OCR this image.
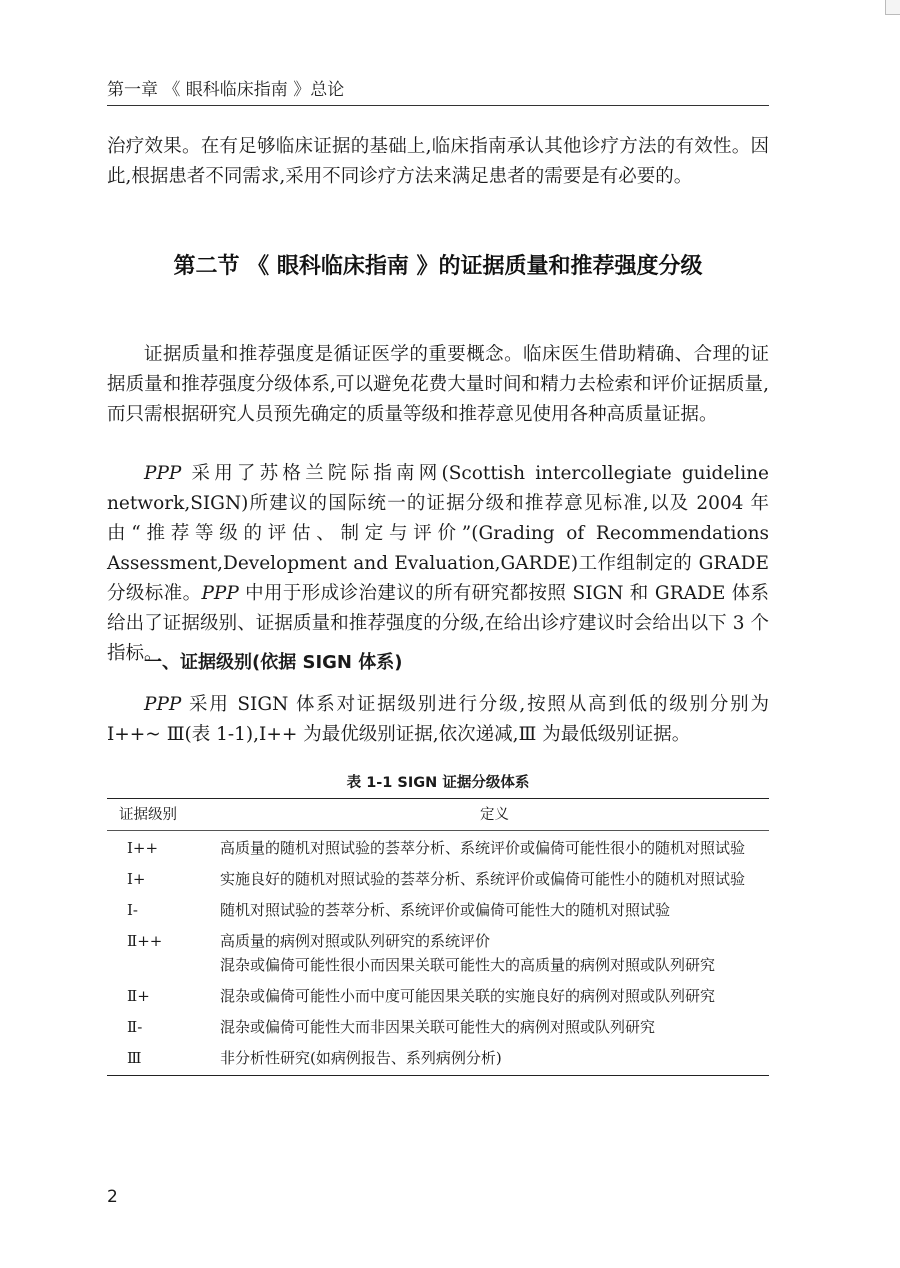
第一章 《 眼科临床指南 》总论

治疗效果。在有足够临床证据的基础上,临床指南承认其他诊疗方法的有效性。因此,根据患者不同需求,采用不同诊疗方法来满足患者的需要是有必要的。

第二节 《 眼科临床指南 》的证据质量和推荐强度分级

证据质量和推荐强度是循证医学的重要概念。临床医生借助精确、合理的证据质量和推荐强度分级体系,可以避免花费大量时间和精力去检索和评价证据质量,而只需根据研究人员预先确定的质量等级和推荐意见使用各种高质量证据。

PPP 采用了苏格兰院际指南网(Scottish intercollegiate guideline network,SIGN)所建议的国际统一的证据分级和推荐意见标准,以及 2004 年由“推荐等级的评估、制定与评价”(Grading of Recommendations Assessment,Development and Evaluation,GARDE)工作组制定的 GRADE 分级标准。PPP 中用于形成诊治建议的所有研究都按照 SIGN 和 GRADE 体系给出了证据级别、证据质量和推荐强度的分级,在给出诊疗建议时会给出以下 3 个指标。

一、证据级别(依据 SIGN 体系)

PPP 采用 SIGN 体系对证据级别进行分级,按照从高到低的级别分别为 Ⅰ++~ Ⅲ(表 1-1),Ⅰ++ 为最优级别证据,依次递减,Ⅲ 为最低级别证据。

表 1-1 SIGN 证据分级体系
证据级别	定义
Ⅰ++	高质量的随机对照试验的荟萃分析、系统评价或偏倚可能性很小的随机对照试验
Ⅰ+	实施良好的随机对照试验的荟萃分析、系统评价或偏倚可能性小的随机对照试验
Ⅰ-	随机对照试验的荟萃分析、系统评价或偏倚可能性大的随机对照试验
Ⅱ++	高质量的病例对照或队列研究的系统评价
混杂或偏倚可能性很小而因果关联可能性大的高质量的病例对照或队列研究

Ⅱ+	混杂或偏倚可能性小而中度可能因果关联的实施良好的病例对照或队列研究
Ⅱ-	混杂或偏倚可能性大而非因果关联可能性大的病例对照或队列研究
Ⅲ	非分析性研究(如病例报告、系列病例分析)
2
